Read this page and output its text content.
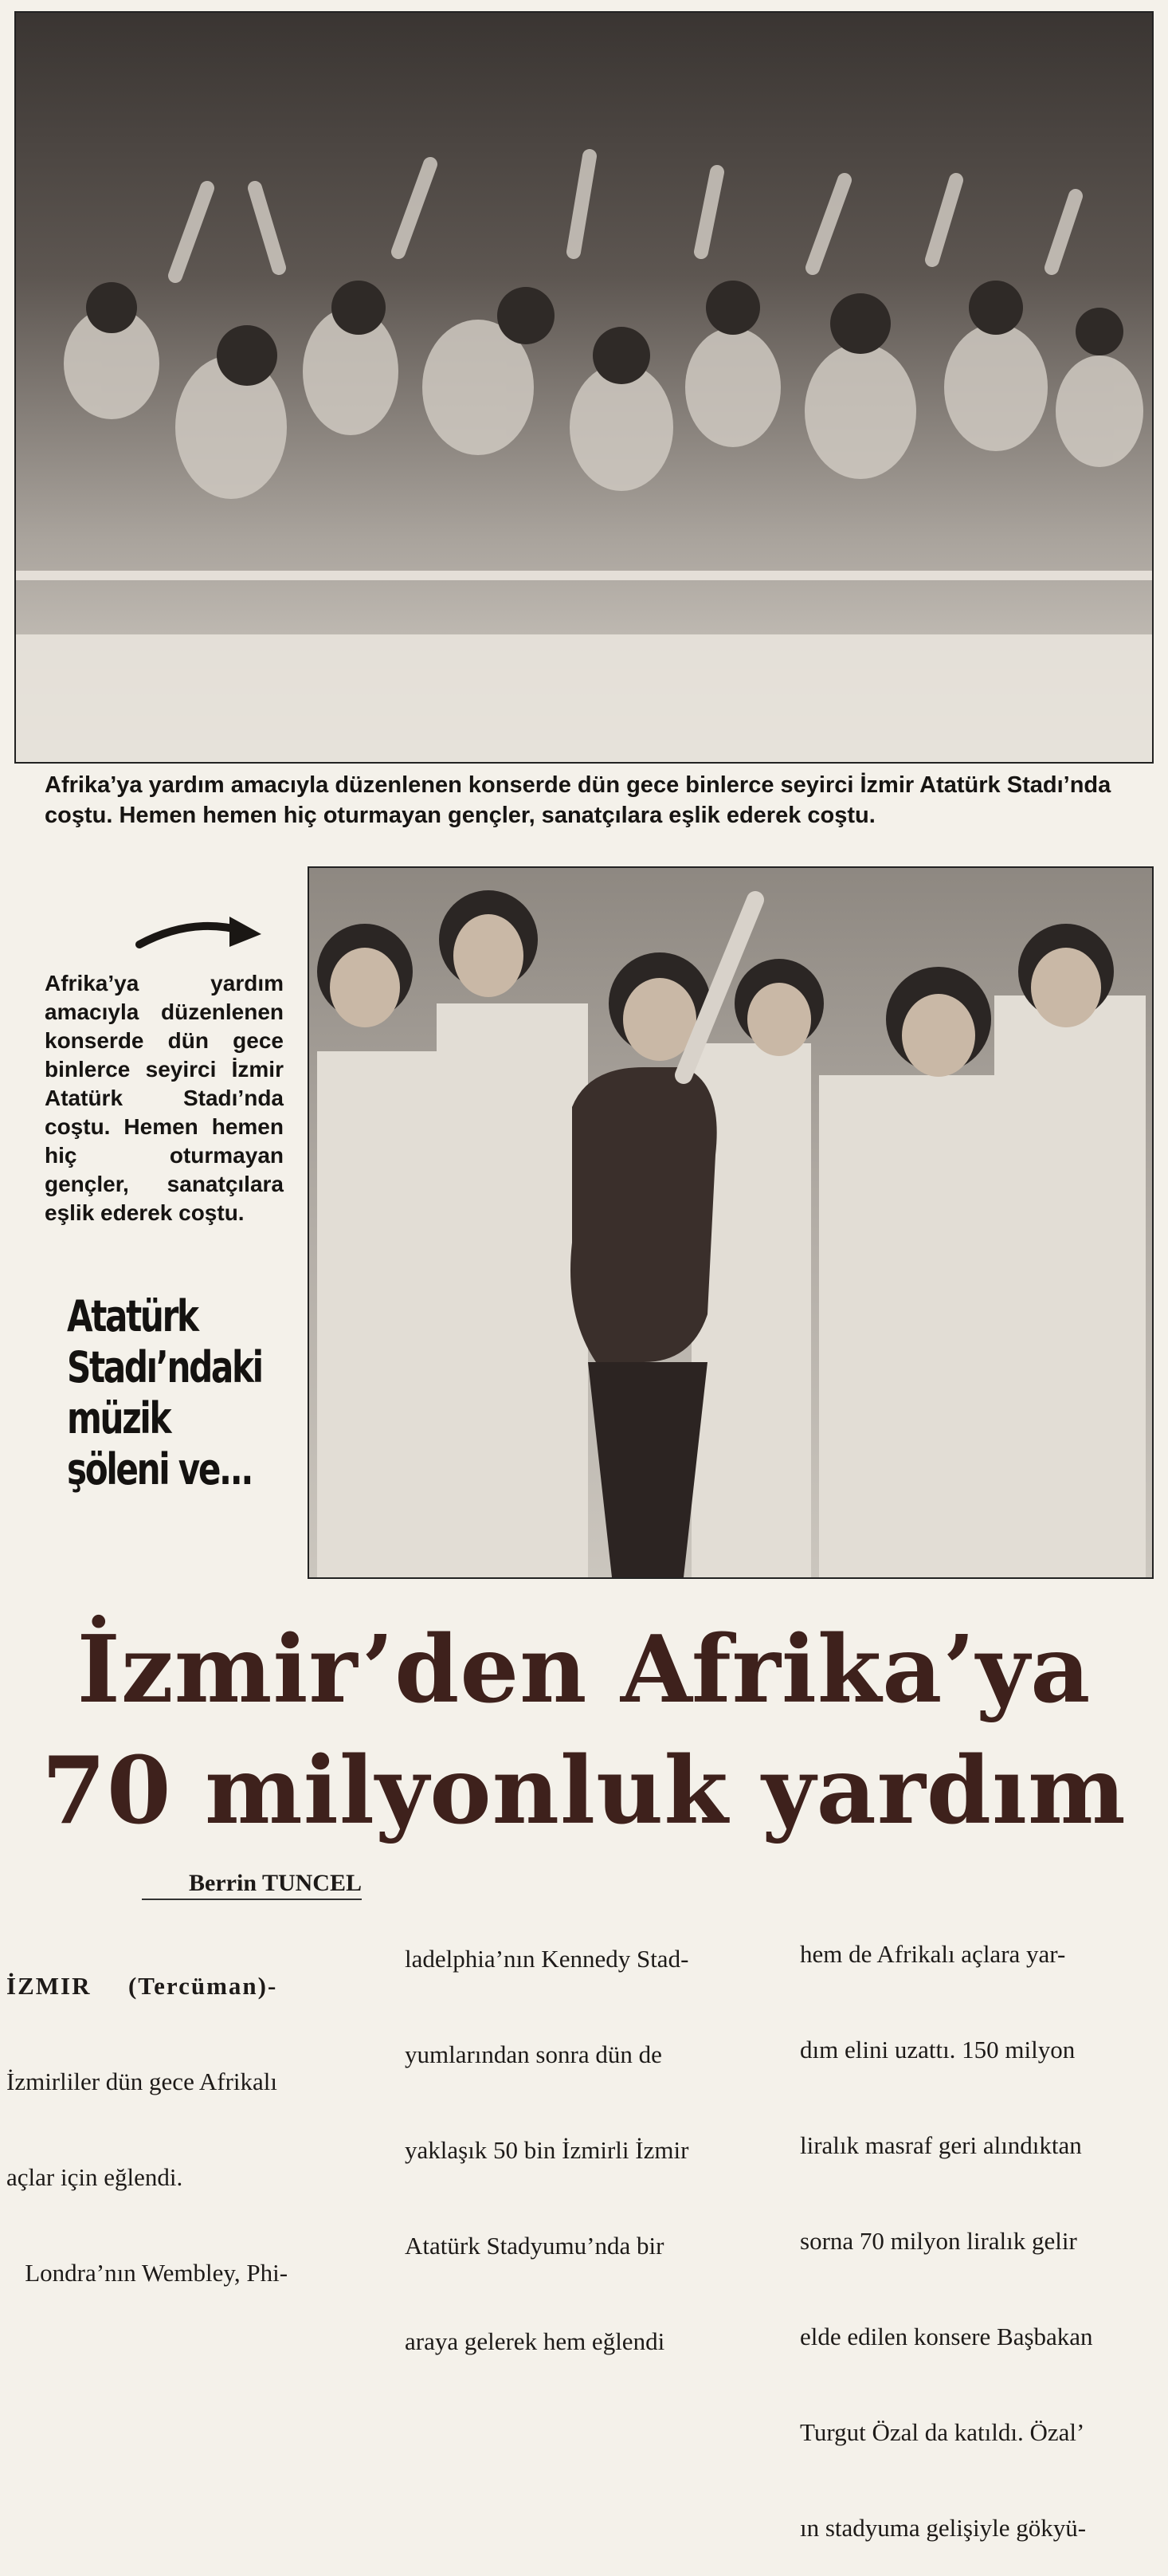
Afrika’ya yardım amacıyla düzenlenen konserde dün gece binlerce seyirci İzmir Atatürk Stadı’nda coştu. Hemen hemen hiç oturmayan gençler, sanatçılara eşlik ederek coştu.
Afrika’ya yardım amacıyla düzenlenen konserde dün gece binlerce seyirci İzmir Atatürk Stadı’nda coştu. Hemen hemen hiç oturmayan gençler, sanatçılara eşlik ederek coştu.
Atatürk
Stadı’ndaki
müzik
şöleni ve...
İzmir’den Afrika’ya
70 milyonluk yardım
Berrin TUNCEL

İZMIR (Tercüman)-

İzmirliler dün gece Afrikalı

açlar için eğlendi.

Londra’nın Wembley, Phi-

ladelphia’nın Kennedy Stad-

yumlarından sonra dün de

yaklaşık 50 bin İzmirli İzmir

Atatürk Stadyumu’nda bir

araya gelerek hem eğlendi

hem de Afrikalı açlara yar-

dım elini uzattı. 150 milyon

liralık masraf geri alındıktan

sorna 70 milyon liralık gelir

elde edilen konsere Başbakan

Turgut Özal da katıldı. Özal’

ın stadyuma gelişiyle gökyü-
